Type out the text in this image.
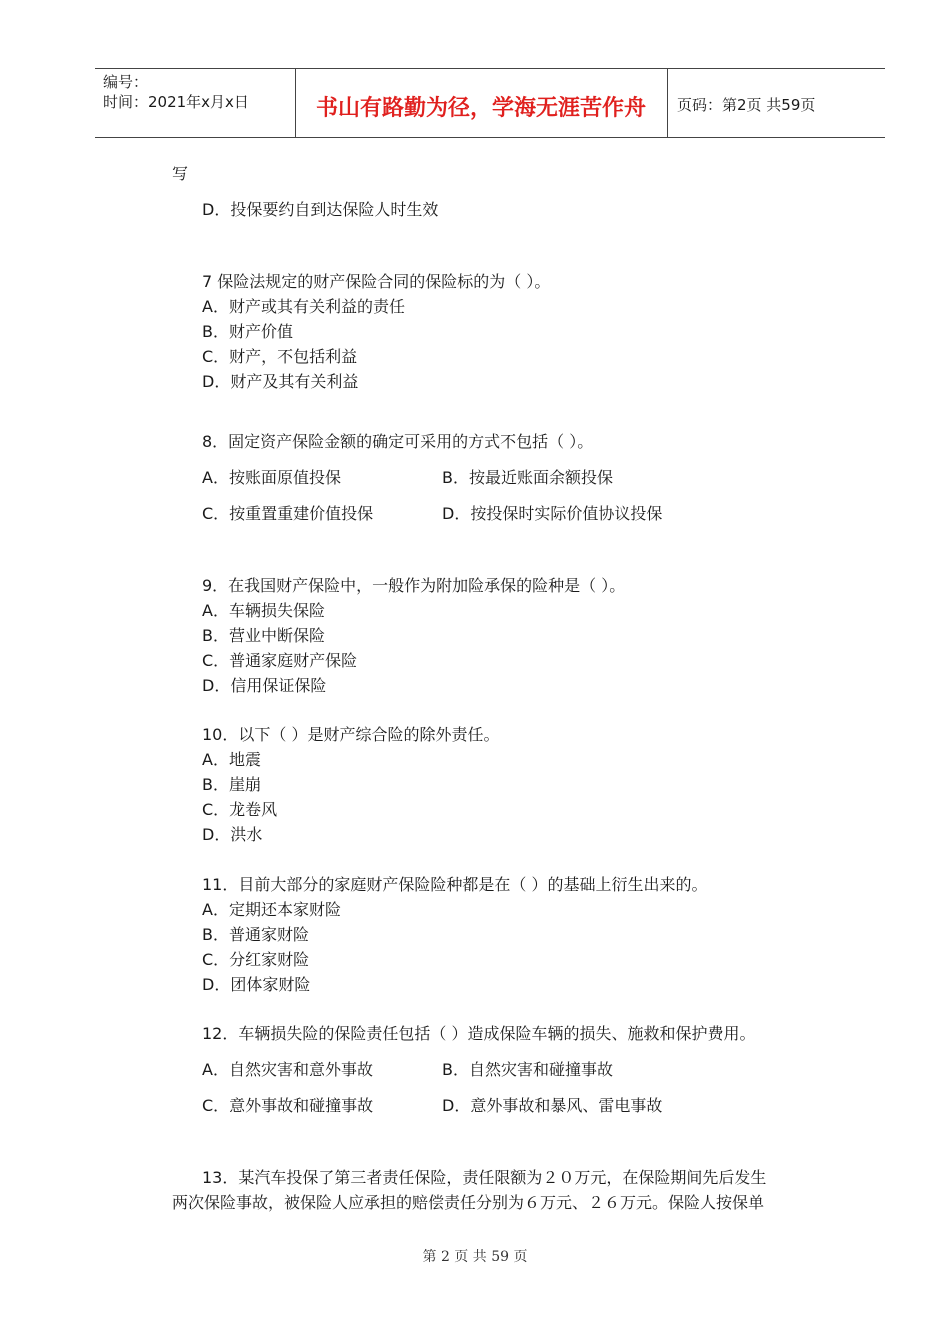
编号：
时间：2021年x月x日	书山有路勤为径，学海无涯苦作舟	页码：第2页 共59页
写
D．投保要约自到达保险人时生效
7 保险法规定的财产保险合同的保险标的为（ ）。
A．财产或其有关利益的责任
B．财产价值
C．财产，不包括利益
D．财产及其有关利益
8．固定资产保险金额的确定可采用的方式不包括（ ）。
A．按账面原值投保	B．按最近账面余额投保
C．按重置重建价值投保	D．按投保时实际价值协议投保
9．在我国财产保险中，一般作为附加险承保的险种是（ ）。
A．车辆损失保险
B．营业中断保险
C．普通家庭财产保险
D．信用保证保险
10．以下（ ）是财产综合险的除外责任。
A．地震
B．崖崩
C．龙卷风
D．洪水
11．目前大部分的家庭财产保险险种都是在（ ）的基础上衍生出来的。
A．定期还本家财险
B．普通家财险
C．分红家财险
D．团体家财险
12．车辆损失险的保险责任包括（ ）造成保险车辆的损失、施救和保护费用。
A．自然灾害和意外事故	B．自然灾害和碰撞事故
C．意外事故和碰撞事故	D．意外事故和暴风、雷电事故
13．某汽车投保了第三者责任保险，责任限额为２０万元，在保险期间先后发生
两次保险事故，被保险人应承担的赔偿责任分别为６万元、２６万元。保险人按保单
第 2 页 共 59 页
